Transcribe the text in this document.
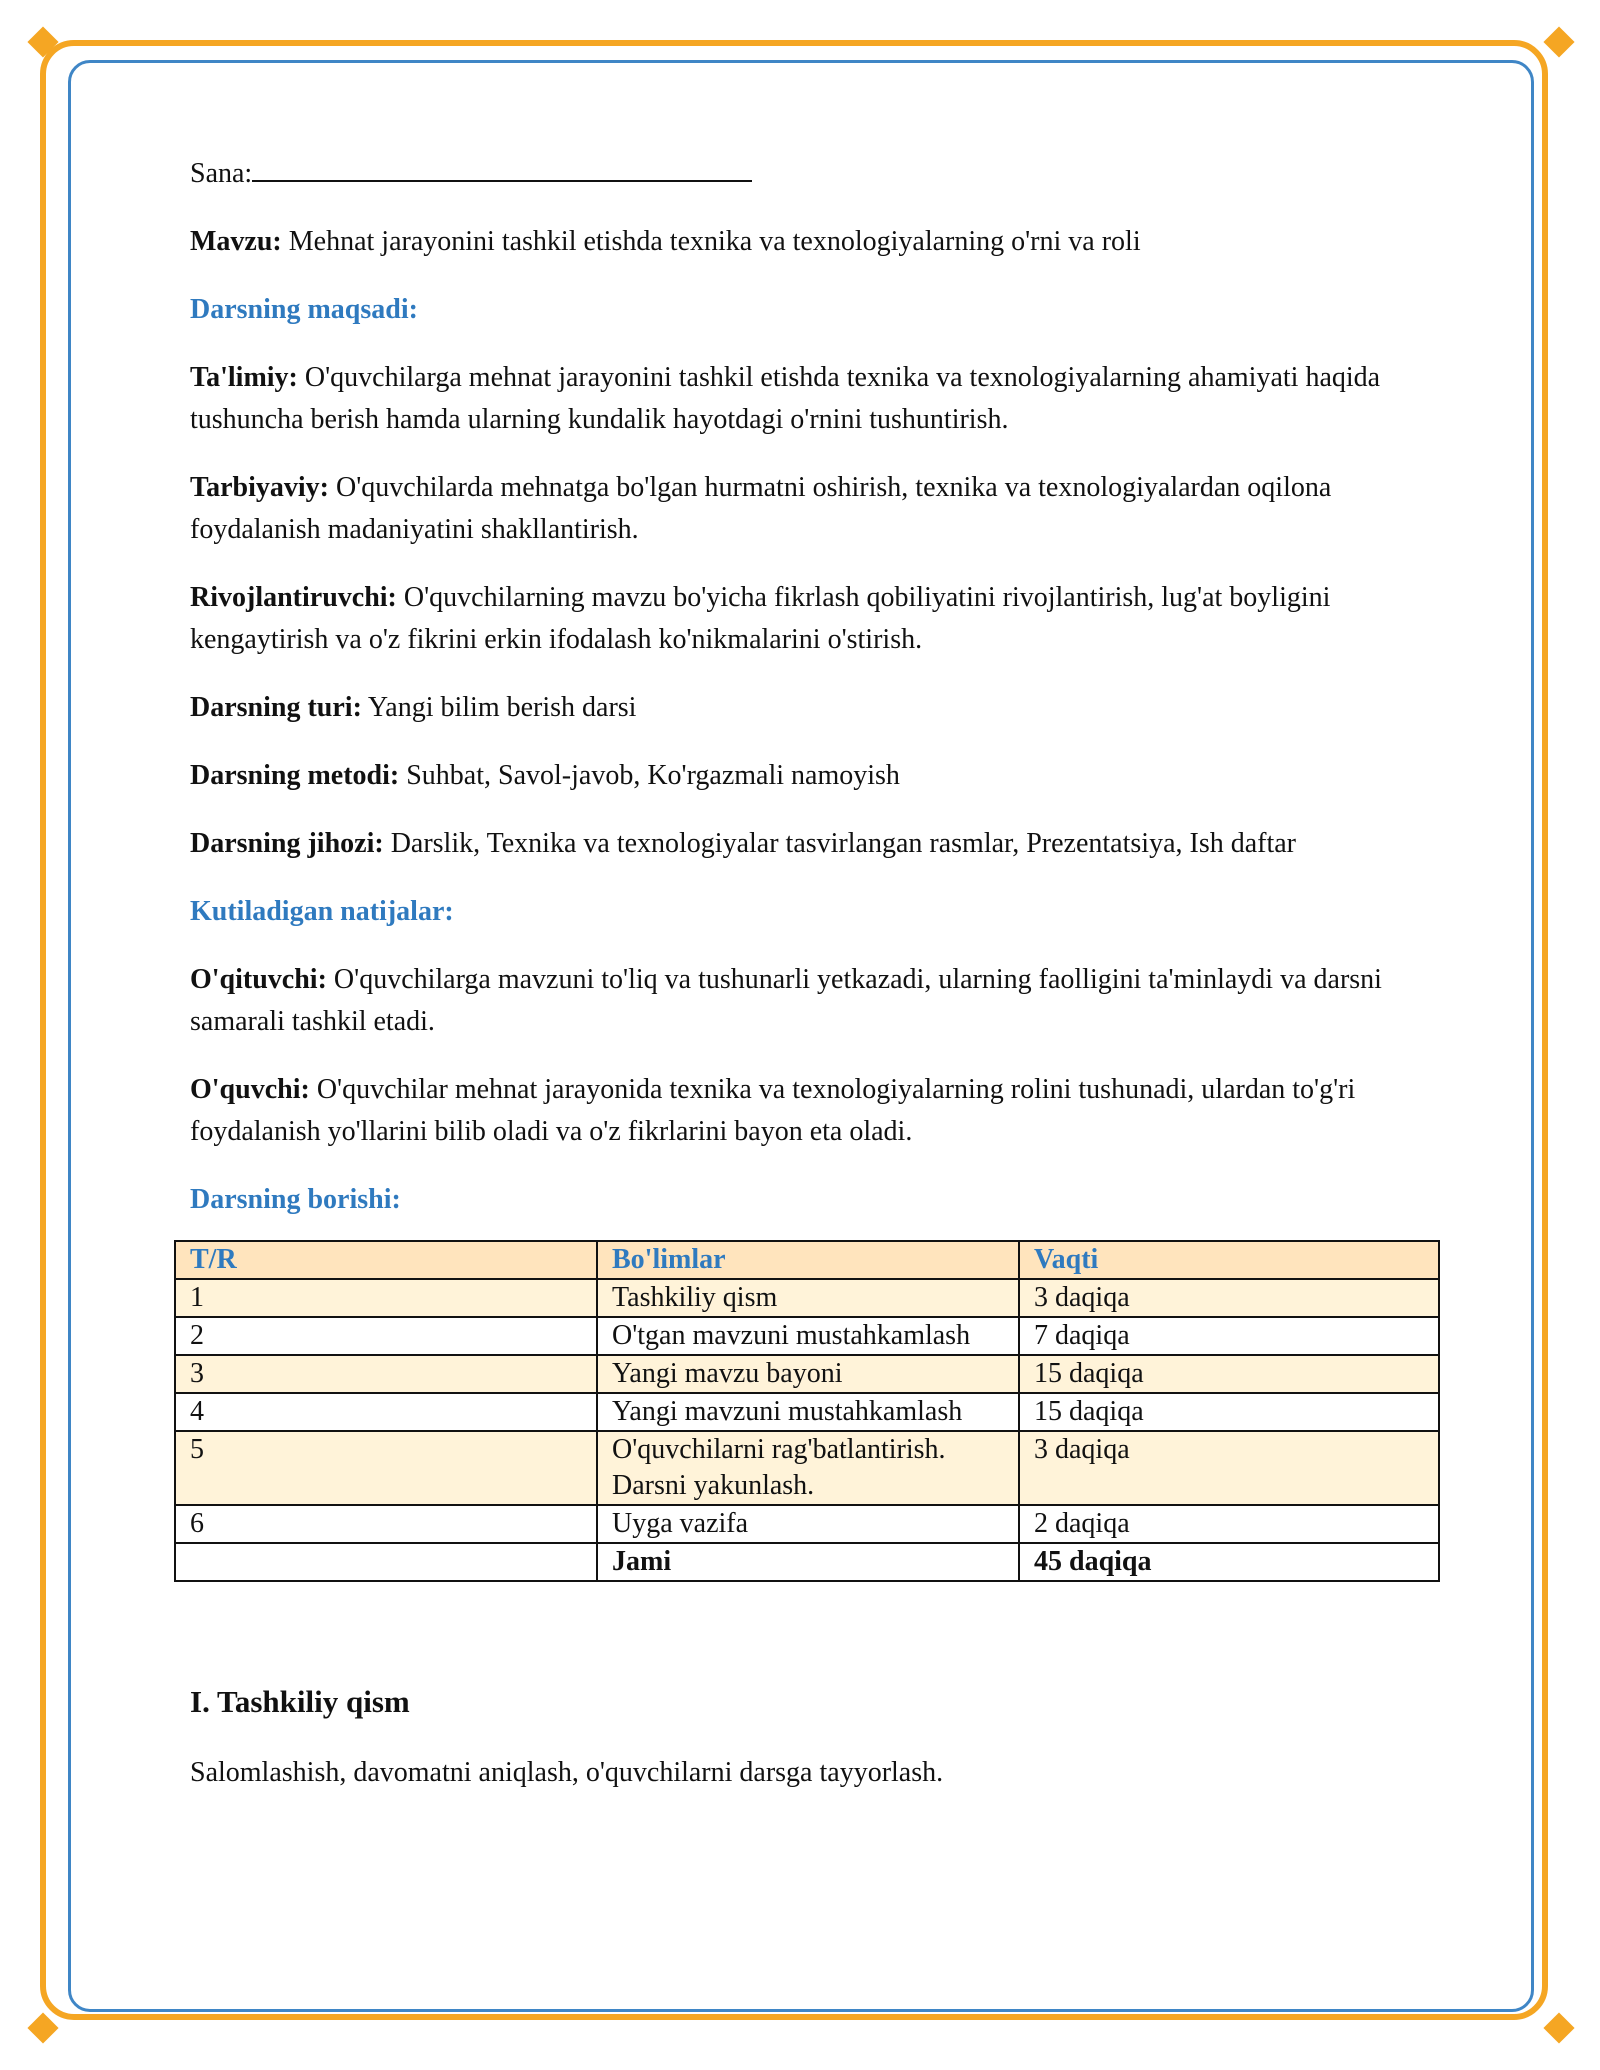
Sana:

Mavzu: Mehnat jarayonini tashkil etishda texnika va texnologiyalarning o'rni va roli

Darsning maqsadi:

Ta'limiy: O'quvchilarga mehnat jarayonini tashkil etishda texnika va texnologiyalarning ahamiyati haqida tushuncha berish hamda ularning kundalik hayotdagi o'rnini tushuntirish.

Tarbiyaviy: O'quvchilarda mehnatga bo'lgan hurmatni oshirish, texnika va texnologiyalardan oqilona foydalanish madaniyatini shakllantirish.

Rivojlantiruvchi: O'quvchilarning mavzu bo'yicha fikrlash qobiliyatini rivojlantirish, lug'at boyligini kengaytirish va o'z fikrini erkin ifodalash ko'nikmalarini o'stirish.

Darsning turi: Yangi bilim berish darsi

Darsning metodi: Suhbat, Savol-javob, Ko'rgazmali namoyish

Darsning jihozi: Darslik, Texnika va texnologiyalar tasvirlangan rasmlar, Prezentatsiya, Ish daftar

Kutiladigan natijalar:

O'qituvchi: O'quvchilarga mavzuni to'liq va tushunarli yetkazadi, ularning faolligini ta'minlaydi va darsni samarali tashkil etadi.

O'quvchi: O'quvchilar mehnat jarayonida texnika va texnologiyalarning rolini tushunadi, ulardan to'g'ri foydalanish yo'llarini bilib oladi va o'z fikrlarini bayon eta oladi.

Darsning borishi:

T/R	Bo'limlar	Vaqti
1	Tashkiliy qism	3 daqiqa
2	O'tgan mavzuni mustahkamlash	7 daqiqa
3	Yangi mavzu bayoni	15 daqiqa
4	Yangi mavzuni mustahkamlash	15 daqiqa
5	O'quvchilarni rag'batlantirish. Darsni yakunlash.	3 daqiqa
6	Uyga vazifa	2 daqiqa
	Jami	45 daqiqa
I. Tashkiliy qism
Salomlashish, davomatni aniqlash, o'quvchilarni darsga tayyorlash.
